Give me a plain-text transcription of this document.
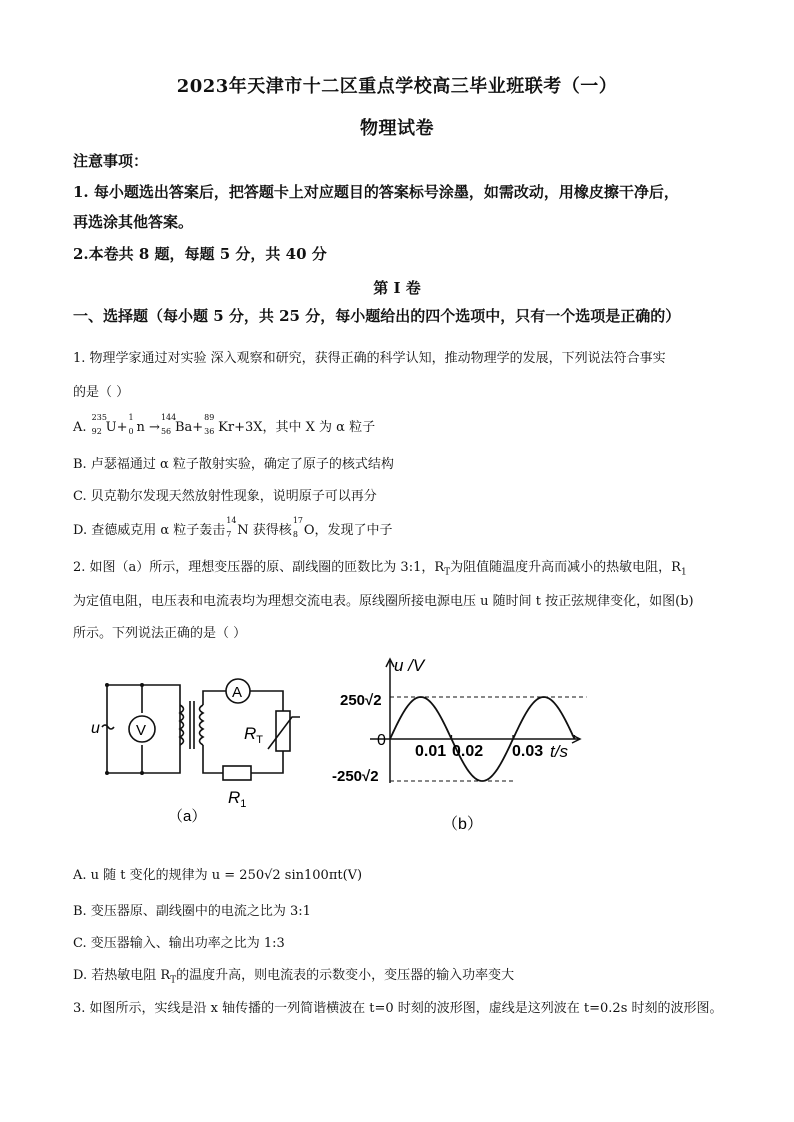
2023年天津市十二区重点学校高三毕业班联考（一）
物理试卷
注意事项：
1. 每小题选出答案后，把答题卡上对应题目的答案标号涂墨，如需改动，用橡皮擦干净后，
再选涂其他答案。
2.本卷共 8 题，每题 5 分，共 40 分
第 I 卷
一、选择题（每小题 5 分，共 25 分，每小题给出的四个选项中，只有一个选项是正确的）
1. 物理学家通过对实验 深入观察和研究，获得正确的科学认知，推动物理学的发展，下列说法符合事实
的是（ ）
A.
235
92 U+
1
0 n →
144
56 Ba+
89
36 Kr+3X，其中 X 为 α 粒子
B. 卢瑟福通过 α 粒子散射实验，确定了原子的核式结构
C. 贝克勒尔发现天然放射性现象，说明原子可以再分
D. 查德威克用 α 粒子轰击
14
7 N 获得核
17
8 O，发现了中子
2. 如图（a）所示，理想变压器的原、副线圈的匝数比为 3:1，$R_T$为阻值随温度升高而减小的热敏电阻，$R_1$
为定值电阻，电压表和电流表均为理想交流电表。原线圈所接电源电压 u 随时间 t 按正弦规律变化，如图(b)
所示。下列说法正确的是（ ）
u V
A
$R_T$
$R_1$
（a）
u /V
t/s
0
250√2
-250√2
0.01 0.02 0.03
（b）
A. u 随 t 变化的规律为 u = 250√2 sin100πt(V)
B. 变压器原、副线圈中的电流之比为 3:1
C. 变压器输入、输出功率之比为 1:3
D. 若热敏电阻 $R_T$的温度升高，则电流表的示数变小，变压器的输入功率变大
3. 如图所示，实线是沿 x 轴传播的一列简谐横波在 t=0 时刻的波形图，虚线是这列波在 t=0.2s 时刻的波形图。
